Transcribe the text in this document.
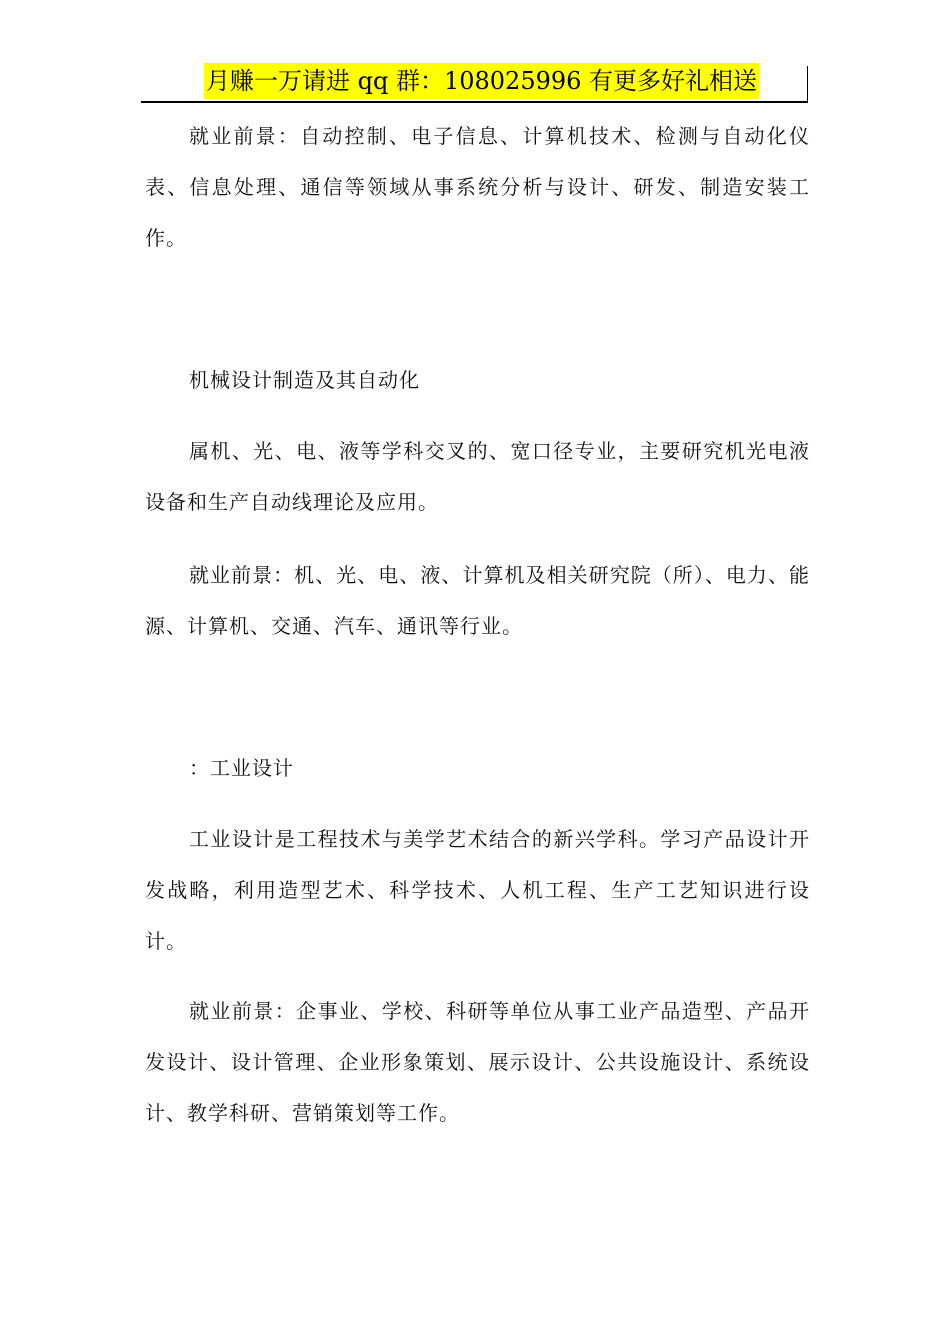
月赚一万请进 qq 群：108025996 有更多好礼相送

就业前景：自动控制、电子信息、计算机技术、检测与自动化仪表、信息处理、通信等领域从事系统分析与设计、研发、制造安装工作。

机械设计制造及其自动化

属机、光、电、液等学科交叉的、宽口径专业，主要研究机光电液设备和生产自动线理论及应用。

就业前景：机、光、电、液、计算机及相关研究院（所）、电力、能源、计算机、交通、汽车、通讯等行业。

：工业设计

工业设计是工程技术与美学艺术结合的新兴学科。学习产品设计开发战略，利用造型艺术、科学技术、人机工程、生产工艺知识进行设计。

就业前景：企事业、学校、科研等单位从事工业产品造型、产品开发设计、设计管理、企业形象策划、展示设计、公共设施设计、系统设计、教学科研、营销策划等工作。
